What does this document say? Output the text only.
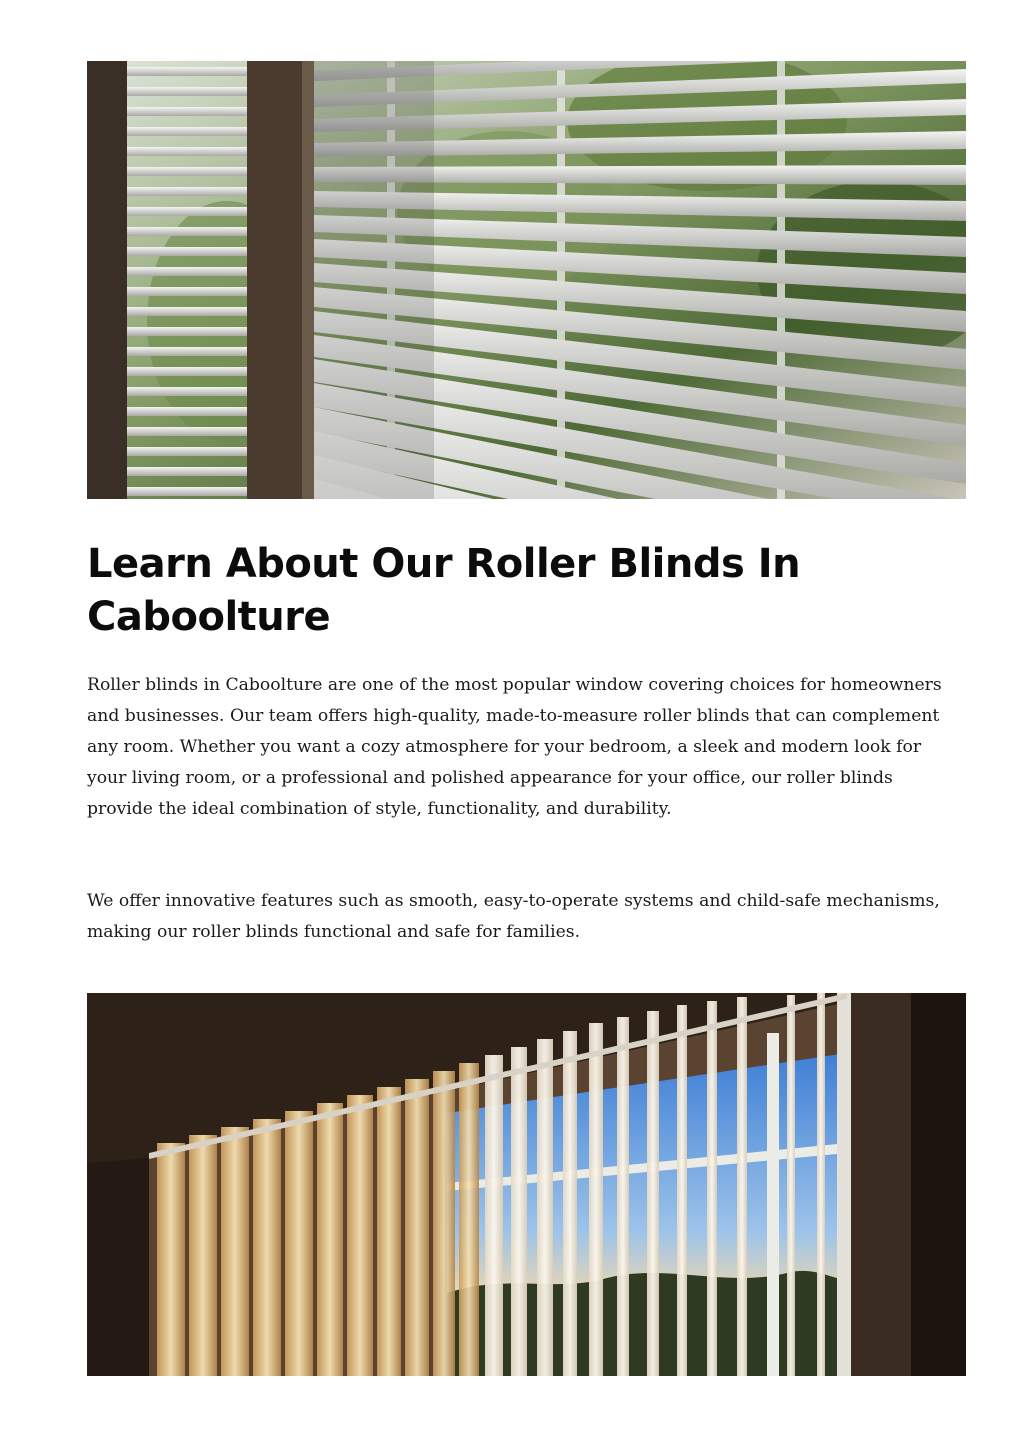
Learn About Our Roller Blinds In Caboolture

Roller blinds in Caboolture are one of the most popular window covering choices for homeowners and businesses. Our team offers high-quality, made-to-measure roller blinds that can complement any room. Whether you want a cozy atmosphere for your bedroom, a sleek and modern look for your living room, or a professional and polished appearance for your office, our roller blinds provide the ideal combination of style, functionality, and durability.

We offer innovative features such as smooth, easy-to-operate systems and child-safe mechanisms, making our roller blinds functional and safe for families.
